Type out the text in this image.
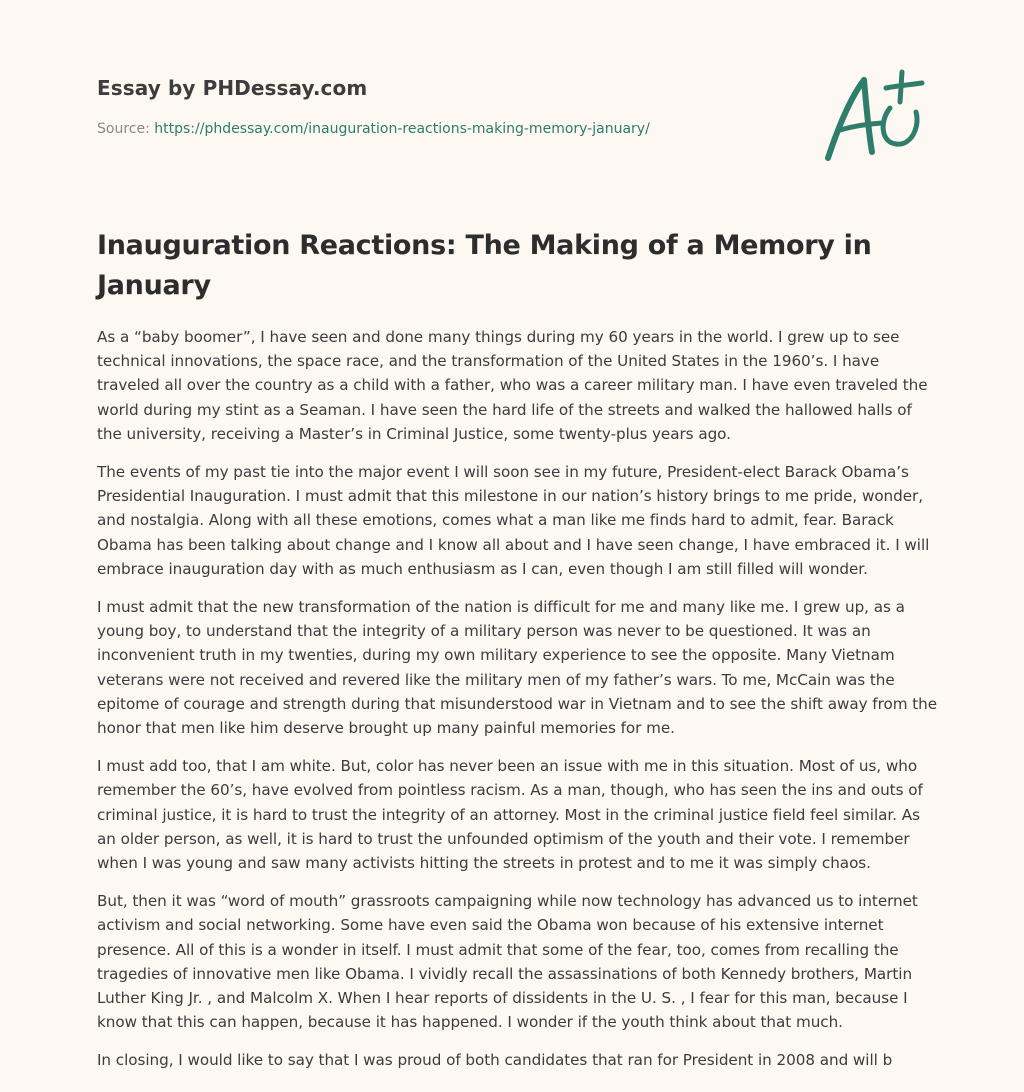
Essay by PHDessay.com
Source: https://phdessay.com/inauguration-reactions-making-memory-january/
Inauguration Reactions: The Making of a Memory in January

As a “baby boomer”, I have seen and done many things during my 60 years in the world. I grew up to see technical innovations, the space race, and the transformation of the United States in the 1960’s. I have traveled all over the country as a child with a father, who was a career military man. I have even traveled the world during my stint as a Seaman. I have seen the hard life of the streets and walked the hallowed halls of the university, receiving a Master’s in Criminal Justice, some twenty-plus years ago.

The events of my past tie into the major event I will soon see in my future, President-elect Barack Obama’s Presidential Inauguration. I must admit that this milestone in our nation’s history brings to me pride, wonder, and nostalgia. Along with all these emotions, comes what a man like me finds hard to admit, fear. Barack Obama has been talking about change and I know all about and I have seen change, I have embraced it. I will embrace inauguration day with as much enthusiasm as I can, even though I am still filled will wonder.

I must admit that the new transformation of the nation is difficult for me and many like me. I grew up, as a young boy, to understand that the integrity of a military person was never to be questioned. It was an inconvenient truth in my twenties, during my own military experience to see the opposite. Many Vietnam veterans were not received and revered like the military men of my father’s wars. To me, McCain was the epitome of courage and strength during that misunderstood war in Vietnam and to see the shift away from the honor that men like him deserve brought up many painful memories for me.

I must add too, that I am white. But, color has never been an issue with me in this situation. Most of us, who remember the 60’s, have evolved from pointless racism. As a man, though, who has seen the ins and outs of criminal justice, it is hard to trust the integrity of an attorney. Most in the criminal justice field feel similar. As an older person, as well, it is hard to trust the unfounded optimism of the youth and their vote. I remember when I was young and saw many activists hitting the streets in protest and to me it was simply chaos.

But, then it was “word of mouth” grassroots campaigning while now technology has advanced us to internet activism and social networking. Some have even said the Obama won because of his extensive internet presence. All of this is a wonder in itself. I must admit that some of the fear, too, comes from recalling the tragedies of innovative men like Obama. I vividly recall the assassinations of both Kennedy brothers, Martin Luther King Jr. , and Malcolm X. When I hear reports of dissidents in the U. S. , I fear for this man, because I know that this can happen, because it has happened. I wonder if the youth think about that much.

In closing, I would like to say that I was proud of both candidates that ran for President in 2008 and will b
